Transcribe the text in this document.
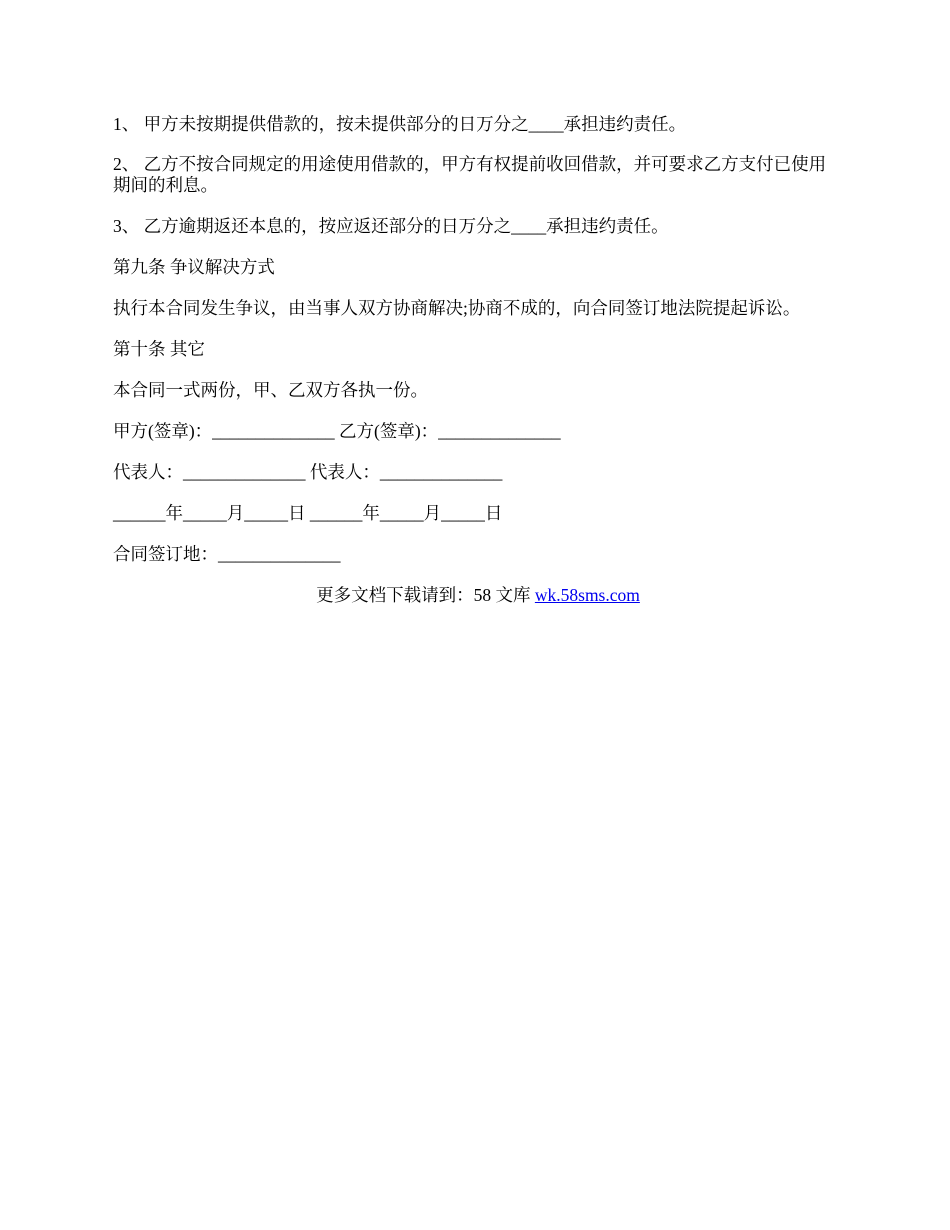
1、 甲方未按期提供借款的，按未提供部分的日万分之____承担违约责任。
2、 乙方不按合同规定的用途使用借款的，甲方有权提前收回借款，并可要求乙方支付已使用期间的利息。
3、 乙方逾期返还本息的，按应返还部分的日万分之____承担违约责任。
第九条 争议解决方式
执行本合同发生争议，由当事人双方协商解决;协商不成的，向合同签订地法院提起诉讼。
第十条 其它
本合同一式两份，甲、乙双方各执一份。
甲方(签章)：______________ 乙方(签章)：______________
代表人：______________ 代表人：______________
______年_____月_____日 ______年_____月_____日
合同签订地：______________
更多文档下载请到：58 文库 wk.58sms.com
